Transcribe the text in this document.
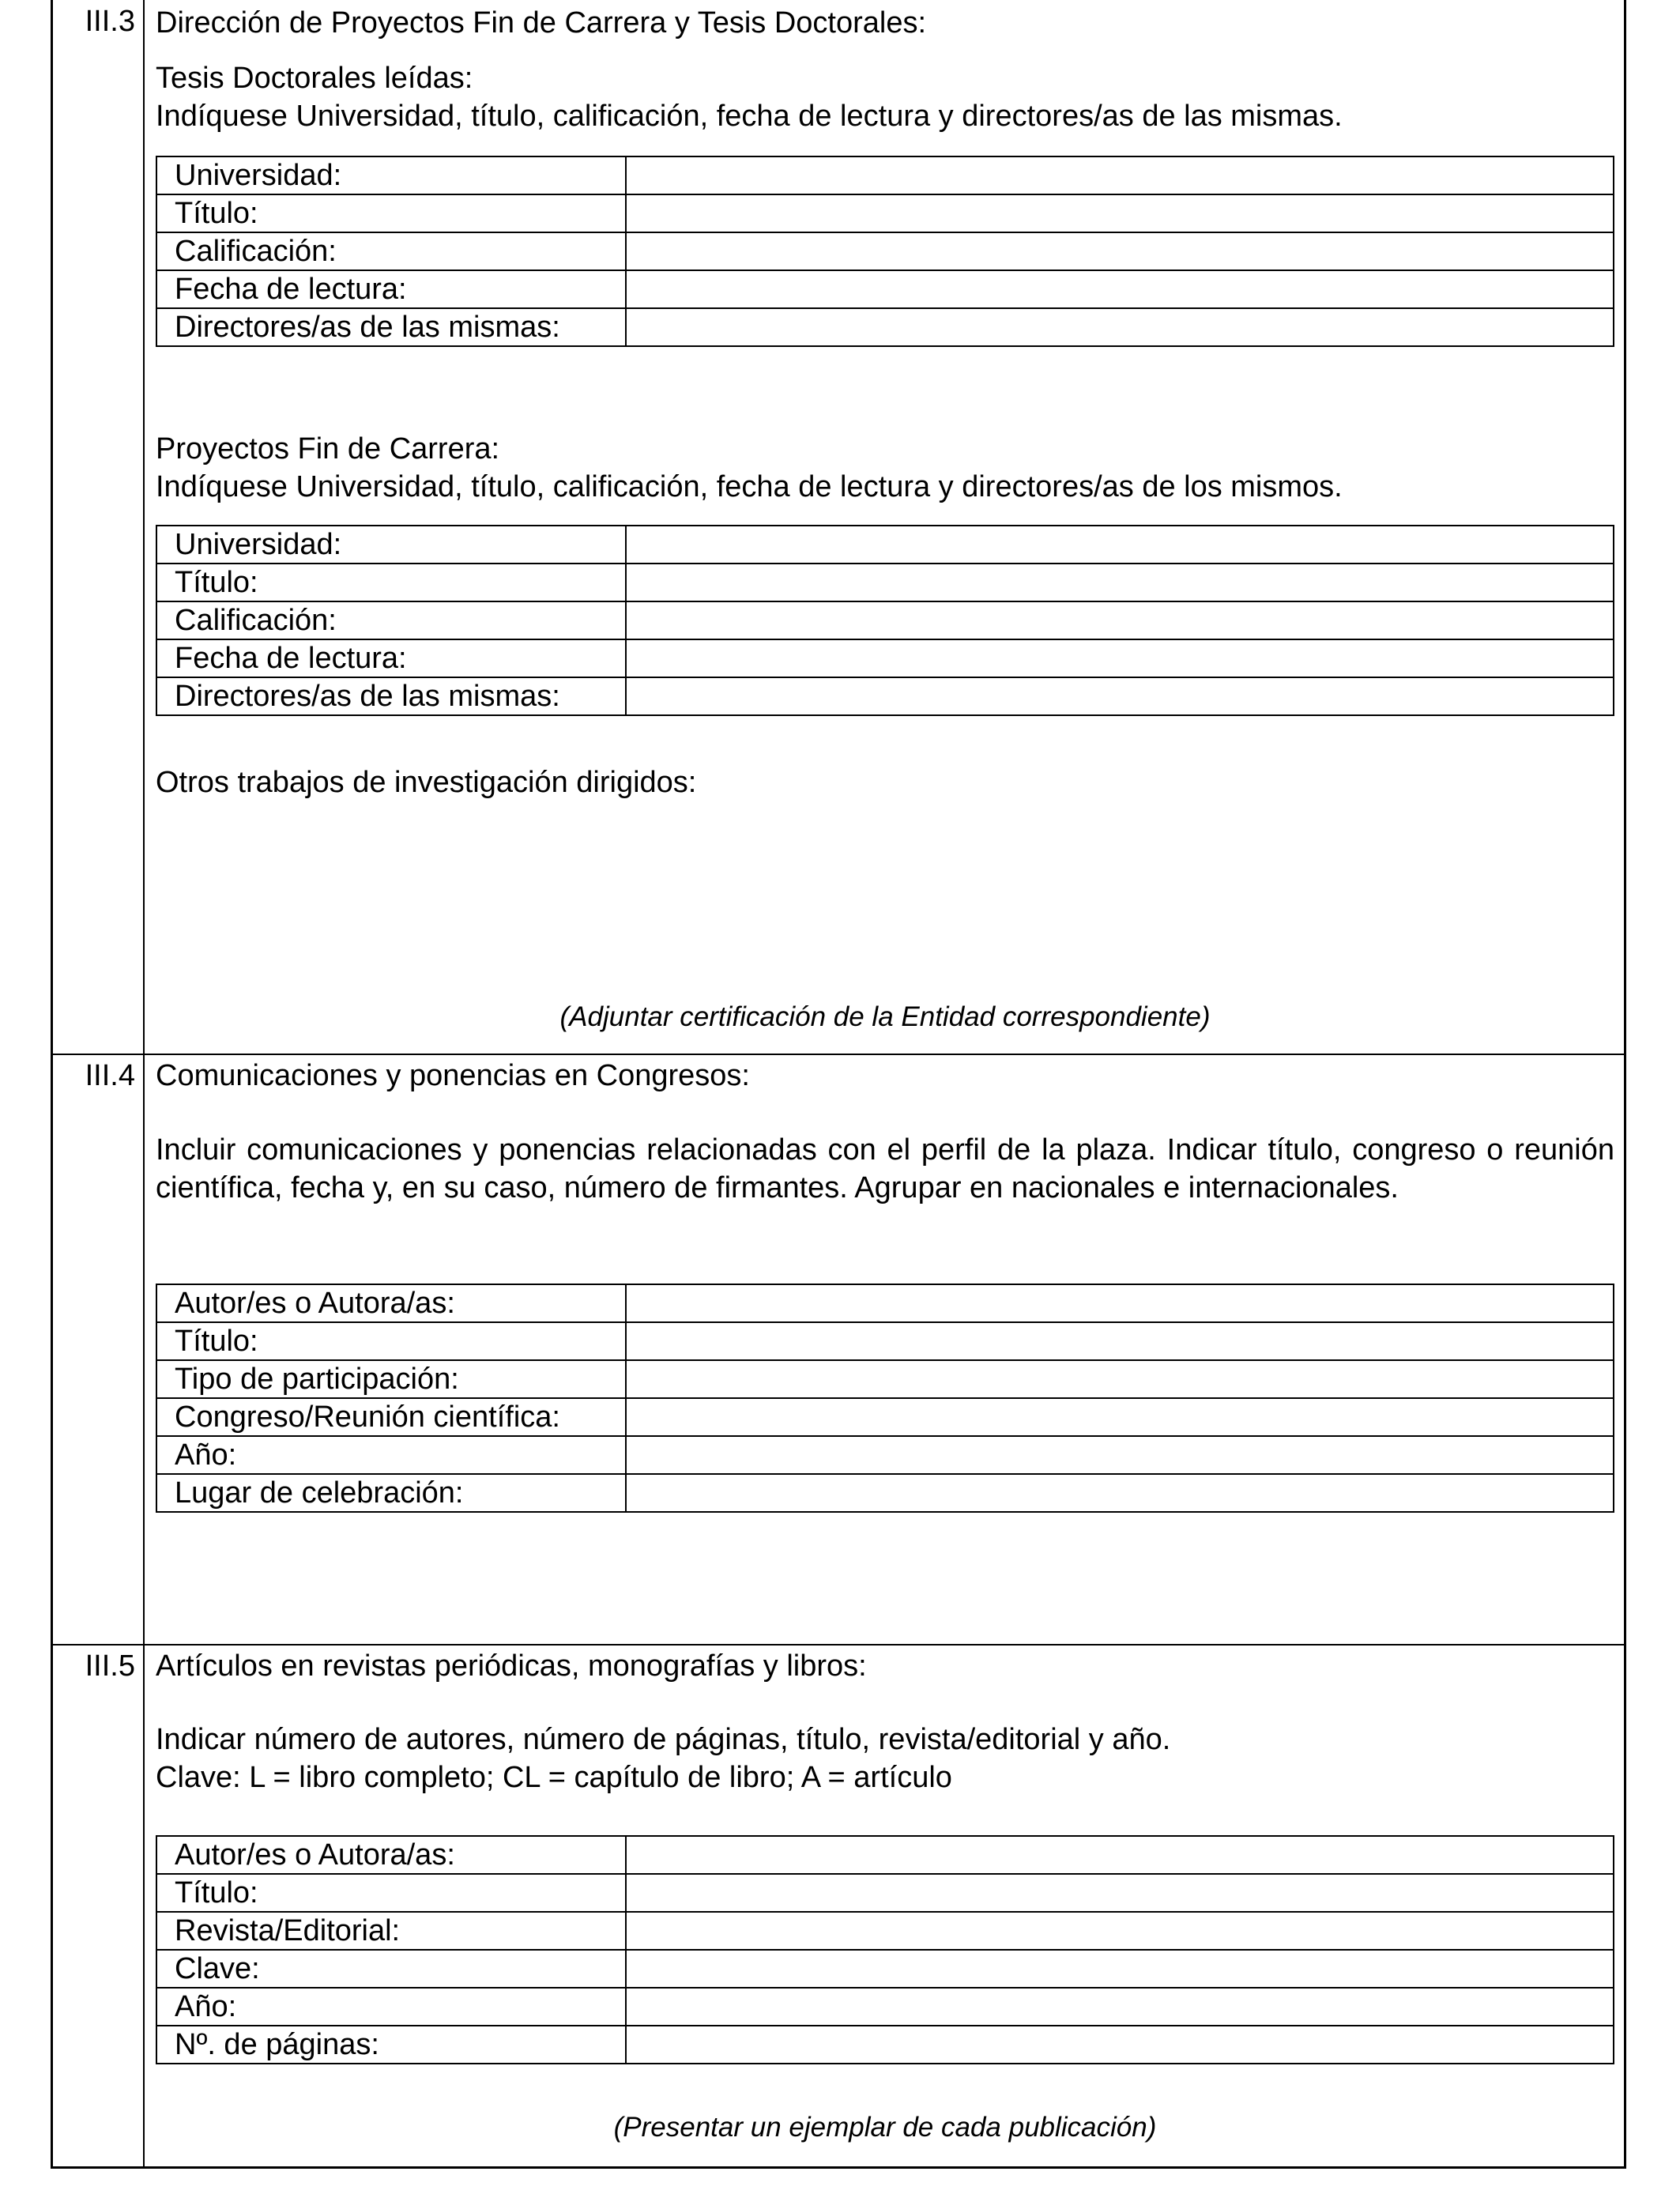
III.3 Dirección de Proyectos Fin de Carrera y Tesis Doctorales:
Tesis Doctorales leídas:
Indíquese Universidad, título, calificación, fecha de lectura y directores/as de las mismas.
Universidad:	
Título:	
Calificación:	
Fecha de lectura:	
Directores/as de las mismas:	
Proyectos Fin de Carrera:
Indíquese Universidad, título, calificación, fecha de lectura y directores/as de los mismos.
Universidad:	
Título:	
Calificación:	
Fecha de lectura:	
Directores/as de las mismas:	
Otros trabajos de investigación dirigidos:
(Adjuntar certificación de la Entidad correspondiente)
III.4 Comunicaciones y ponencias en Congresos:
Incluir comunicaciones y ponencias relacionadas con el perfil de la plaza. Indicar título, congreso o reunión científica, fecha y, en su caso, número de firmantes. Agrupar en nacionales e internacionales.
Autor/es o Autora/as:	
Título:	
Tipo de participación:	
Congreso/Reunión científica:	
Año:	
Lugar de celebración:	
III.5 Artículos en revistas periódicas, monografías y libros:
Indicar número de autores, número de páginas, título, revista/editorial y año.
Clave: L = libro completo; CL = capítulo de libro; A = artículo
Autor/es o Autora/as:	
Título:	
Revista/Editorial:	
Clave:	
Año:	
Nº. de páginas:	
(Presentar un ejemplar de cada publicación)
